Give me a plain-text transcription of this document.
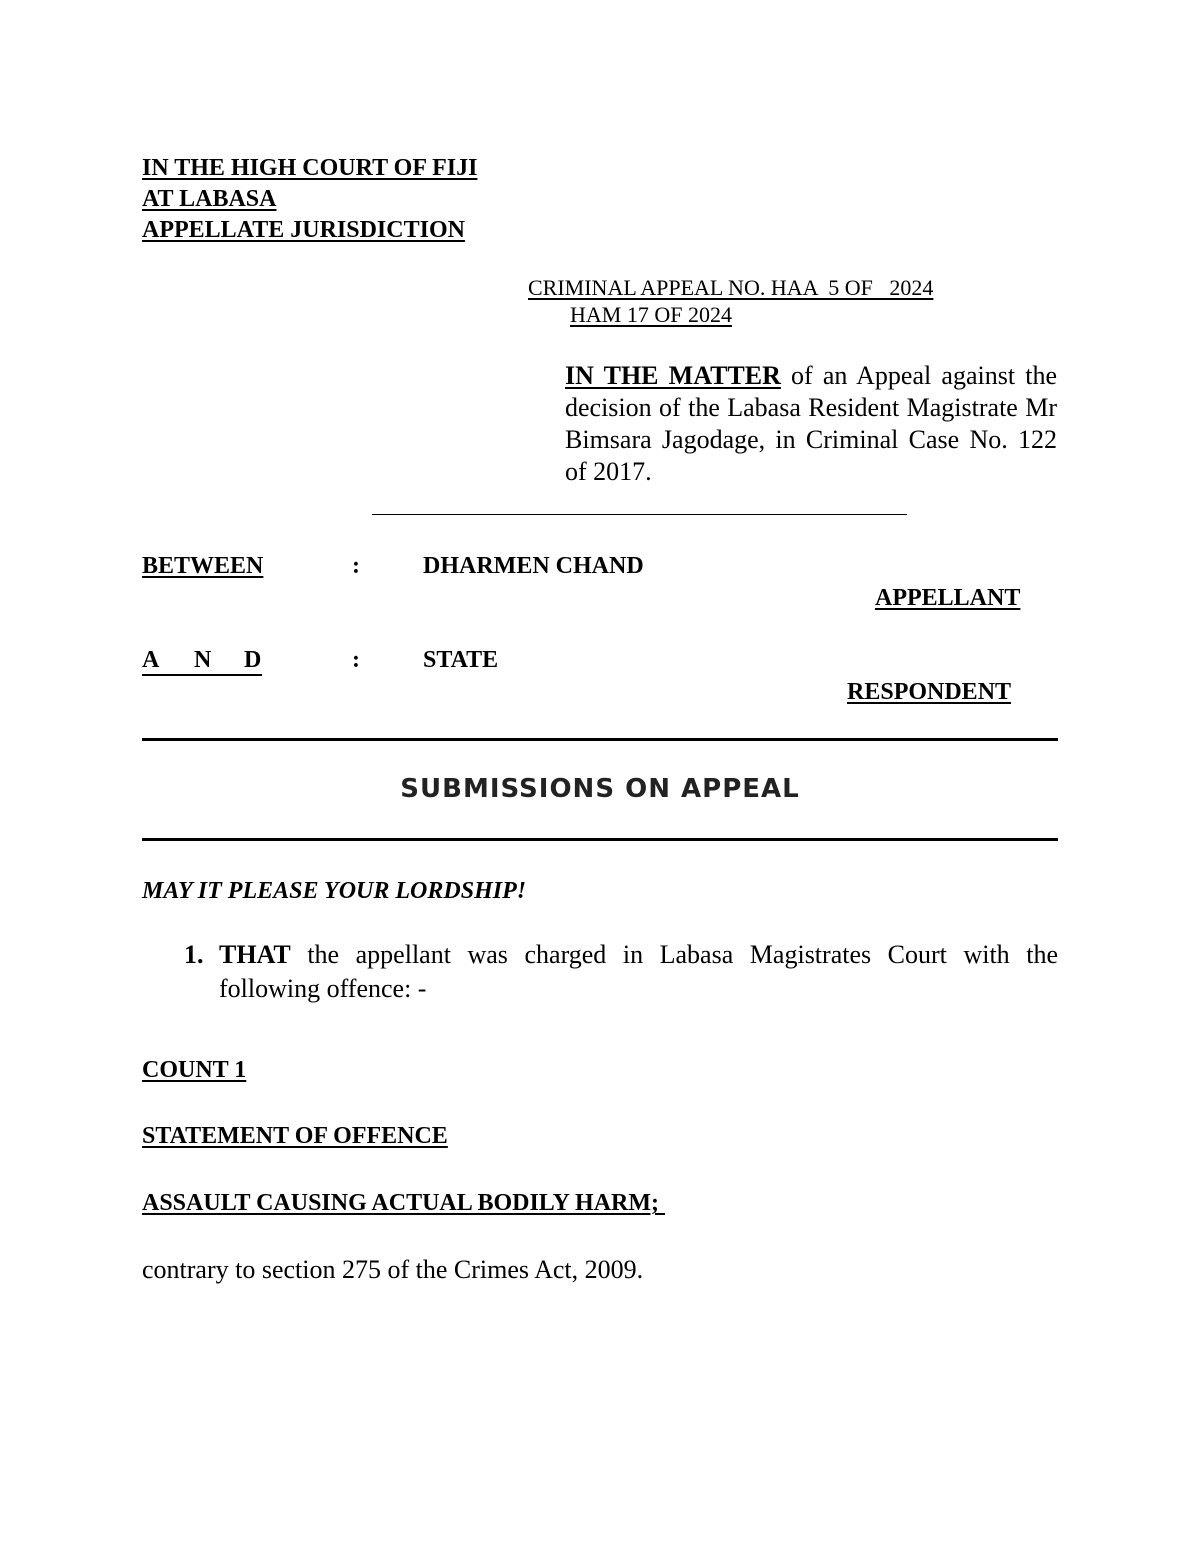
IN THE HIGH COURT OF FIJI
AT LABASA
APPELLATE JURISDICTION
CRIMINAL APPEAL NO. HAA  5 OF   2024
HAM 17 OF 2024
IN THE MATTER of an Appeal against the decision of the Labasa Resident Magistrate Mr Bimsara Jagodage, in Criminal Case No. 122 of 2017.
BETWEEN	:	DHARMEN CHAND
APPELLANT
A N D	:	STATE
RESPONDENT
SUBMISSIONS ON APPEAL
MAY IT PLEASE YOUR LORDSHIP!
1. THAT the appellant was charged in Labasa Magistrates Court with the following offence: -
COUNT 1
STATEMENT OF OFFENCE
ASSAULT CAUSING ACTUAL BODILY HARM;
contrary to section 275 of the Crimes Act, 2009.
